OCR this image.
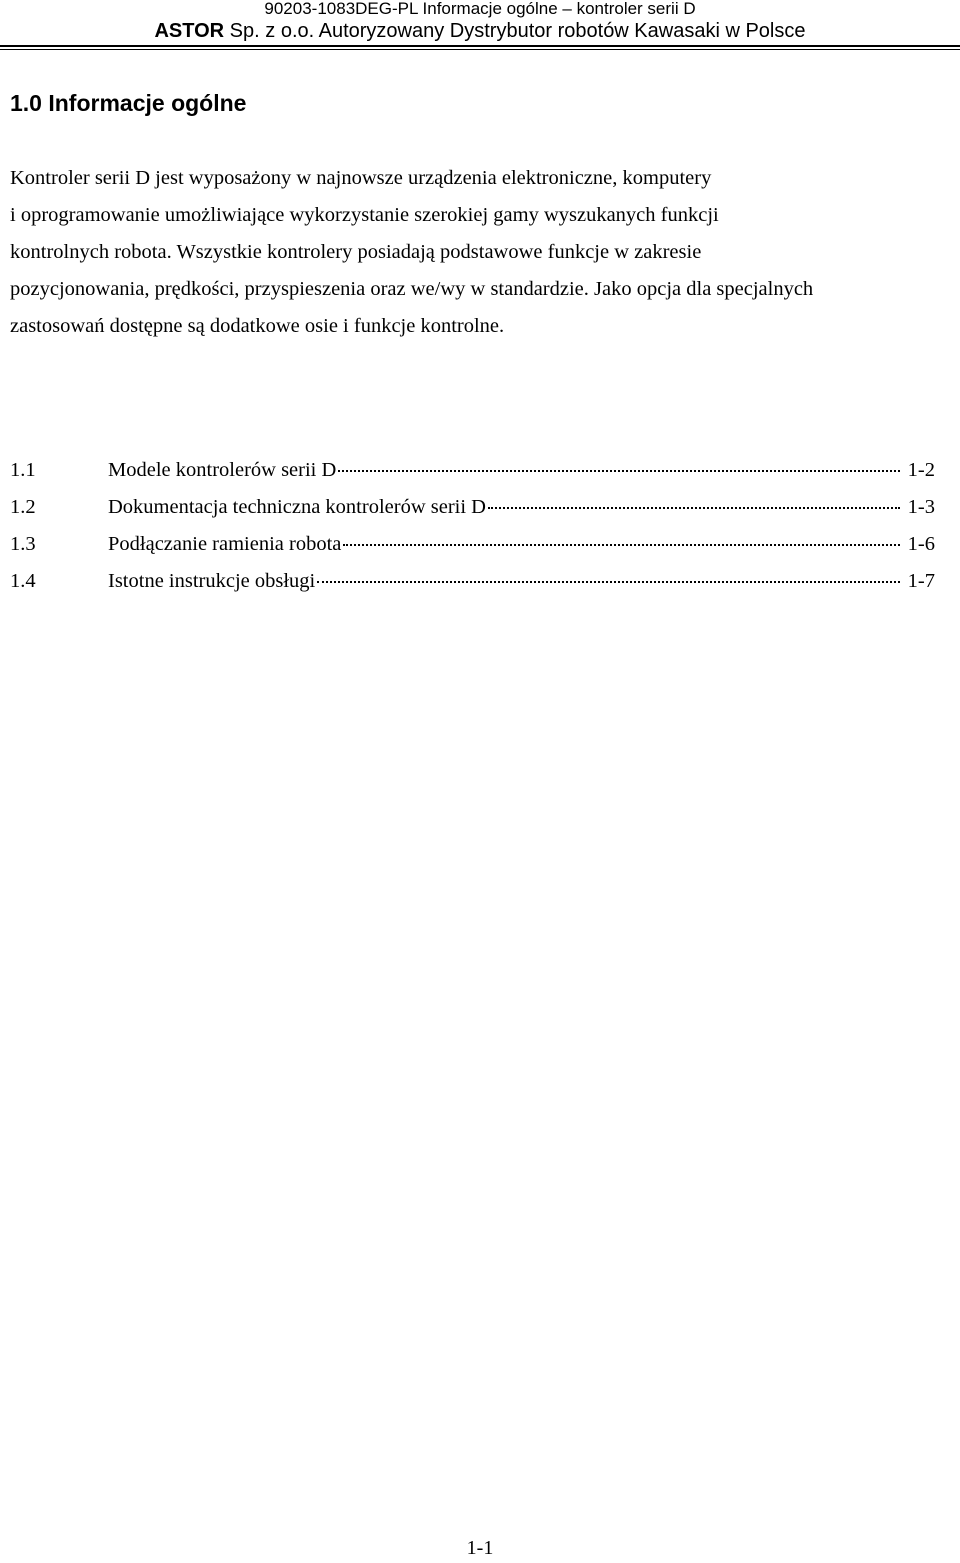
90203-1083DEG-PL Informacje ogólne – kontroler serii D
ASTOR Sp. z o.o. Autoryzowany Dystrybutor robotów Kawasaki w Polsce
1.0 Informacje ogólne

Kontroler serii D jest wyposażony w najnowsze urządzenia elektroniczne, komputery
i oprogramowanie umożliwiające wykorzystanie szerokiej gamy wyszukanych funkcji
kontrolnych robota. Wszystkie kontrolery posiadają podstawowe funkcje w zakresie
pozycjonowania, prędkości, przyspieszenia oraz we/wy w standardzie. Jako opcja dla specjalnych
zastosowań dostępne są dodatkowe osie i funkcje kontrolne.

1.1	Modele kontrolerów serii D	1-2
1.2	Dokumentacja techniczna kontrolerów serii D	1-3
1.3	Podłączanie ramienia robota	1-6
1.4	Istotne instrukcje obsługi	1-7
1-1
